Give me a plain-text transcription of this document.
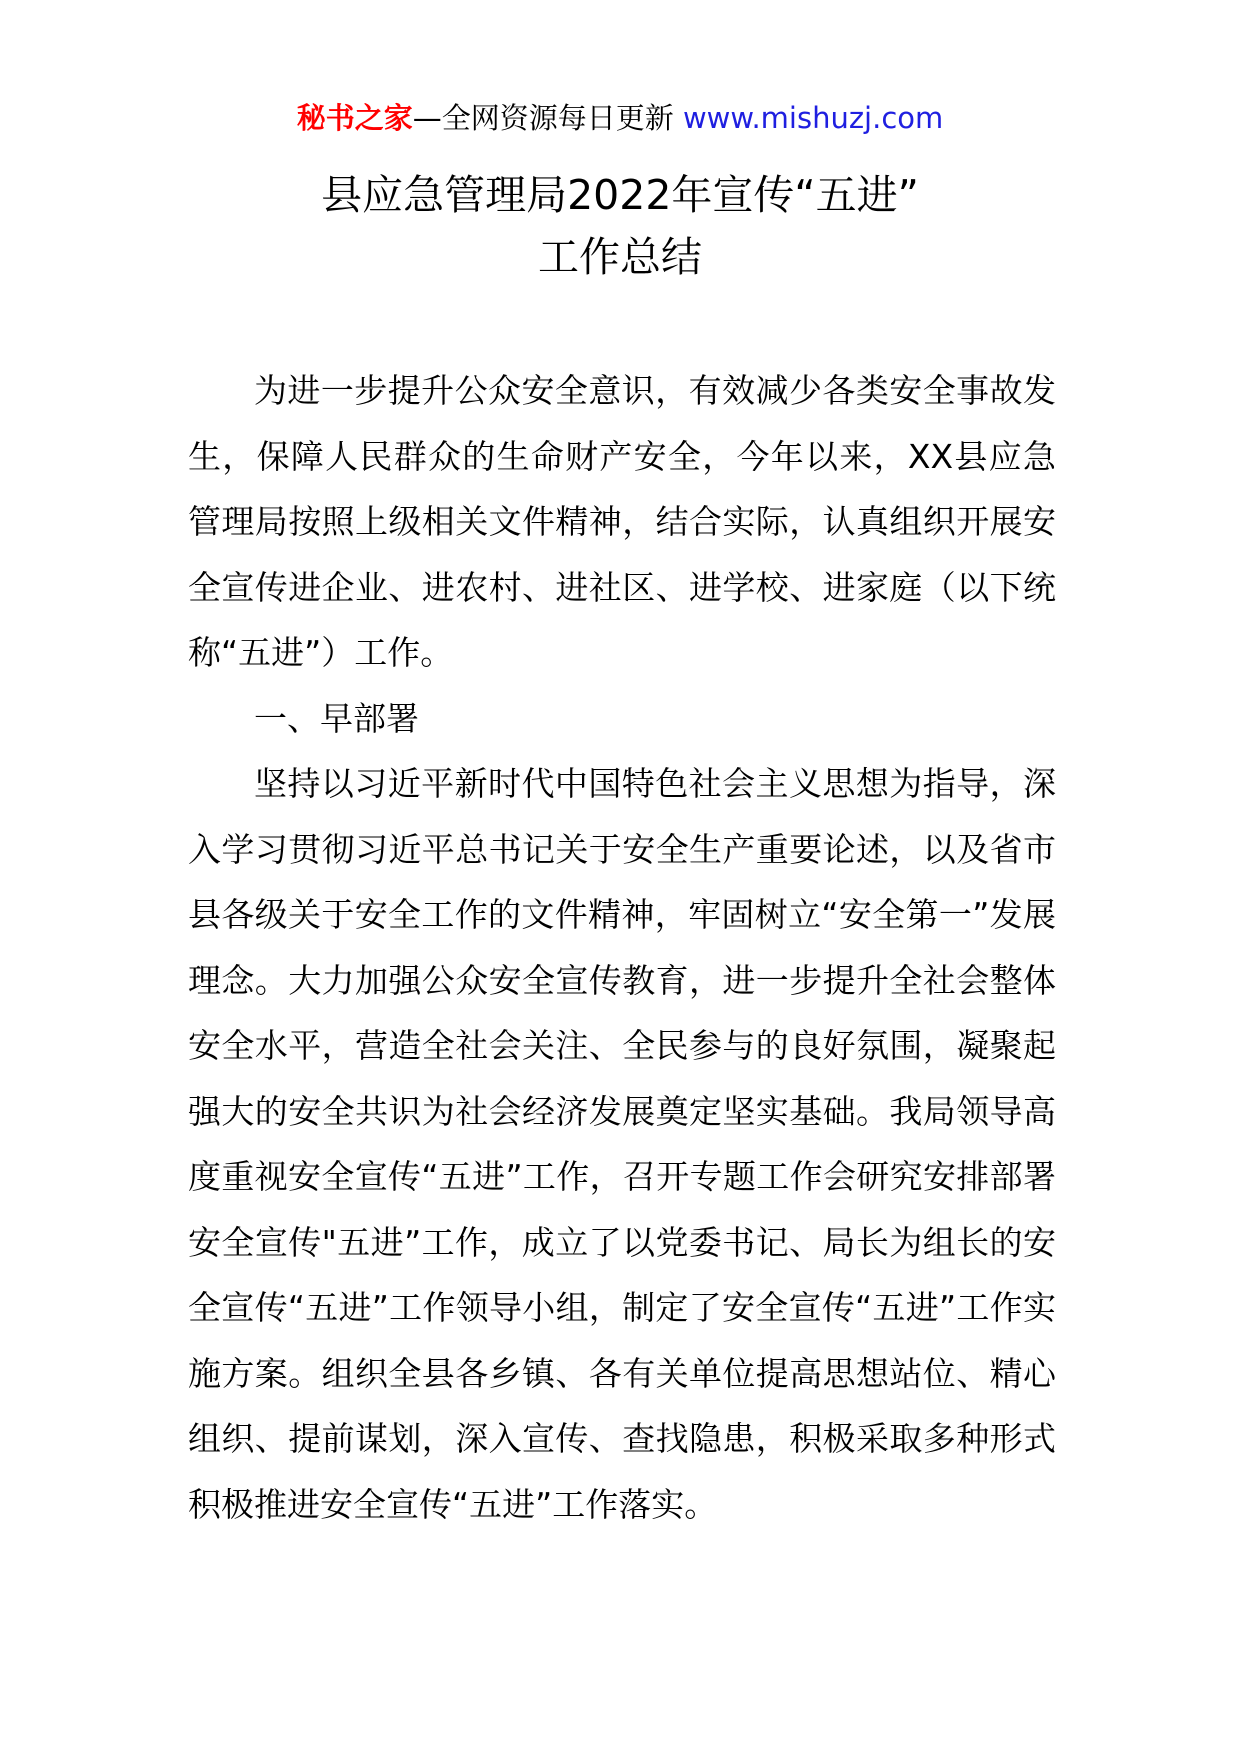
秘书之家—全网资源每日更新 www.mishuzj.com
县应急管理局2022年宣传“五进”
工作总结

为进一步提升公众安全意识，有效减少各类安全事故发生，保障人民群众的生命财产安全，今年以来，XX县应急管理局按照上级相关文件精神，结合实际，认真组织开展安全宣传进企业、进农村、进社区、进学校、进家庭（以下统称“五进”）工作。

一、早部署

坚持以习近平新时代中国特色社会主义思想为指导，深入学习贯彻习近平总书记关于安全生产重要论述，以及省市县各级关于安全工作的文件精神，牢固树立“安全第一”发展理念。大力加强公众安全宣传教育，进一步提升全社会整体安全水平，营造全社会关注、全民参与的良好氛围，凝聚起强大的安全共识为社会经济发展奠定坚实基础。我局领导高度重视安全宣传“五进”工作，召开专题工作会研究安排部署安全宣传"五进”工作，成立了以党委书记、局长为组长的安全宣传“五进”工作领导小组，制定了安全宣传“五进”工作实施方案。组织全县各乡镇、各有关单位提高思想站位、精心组织、提前谋划，深入宣传、查找隐患，积极采取多种形式积极推进安全宣传“五进”工作落实。
